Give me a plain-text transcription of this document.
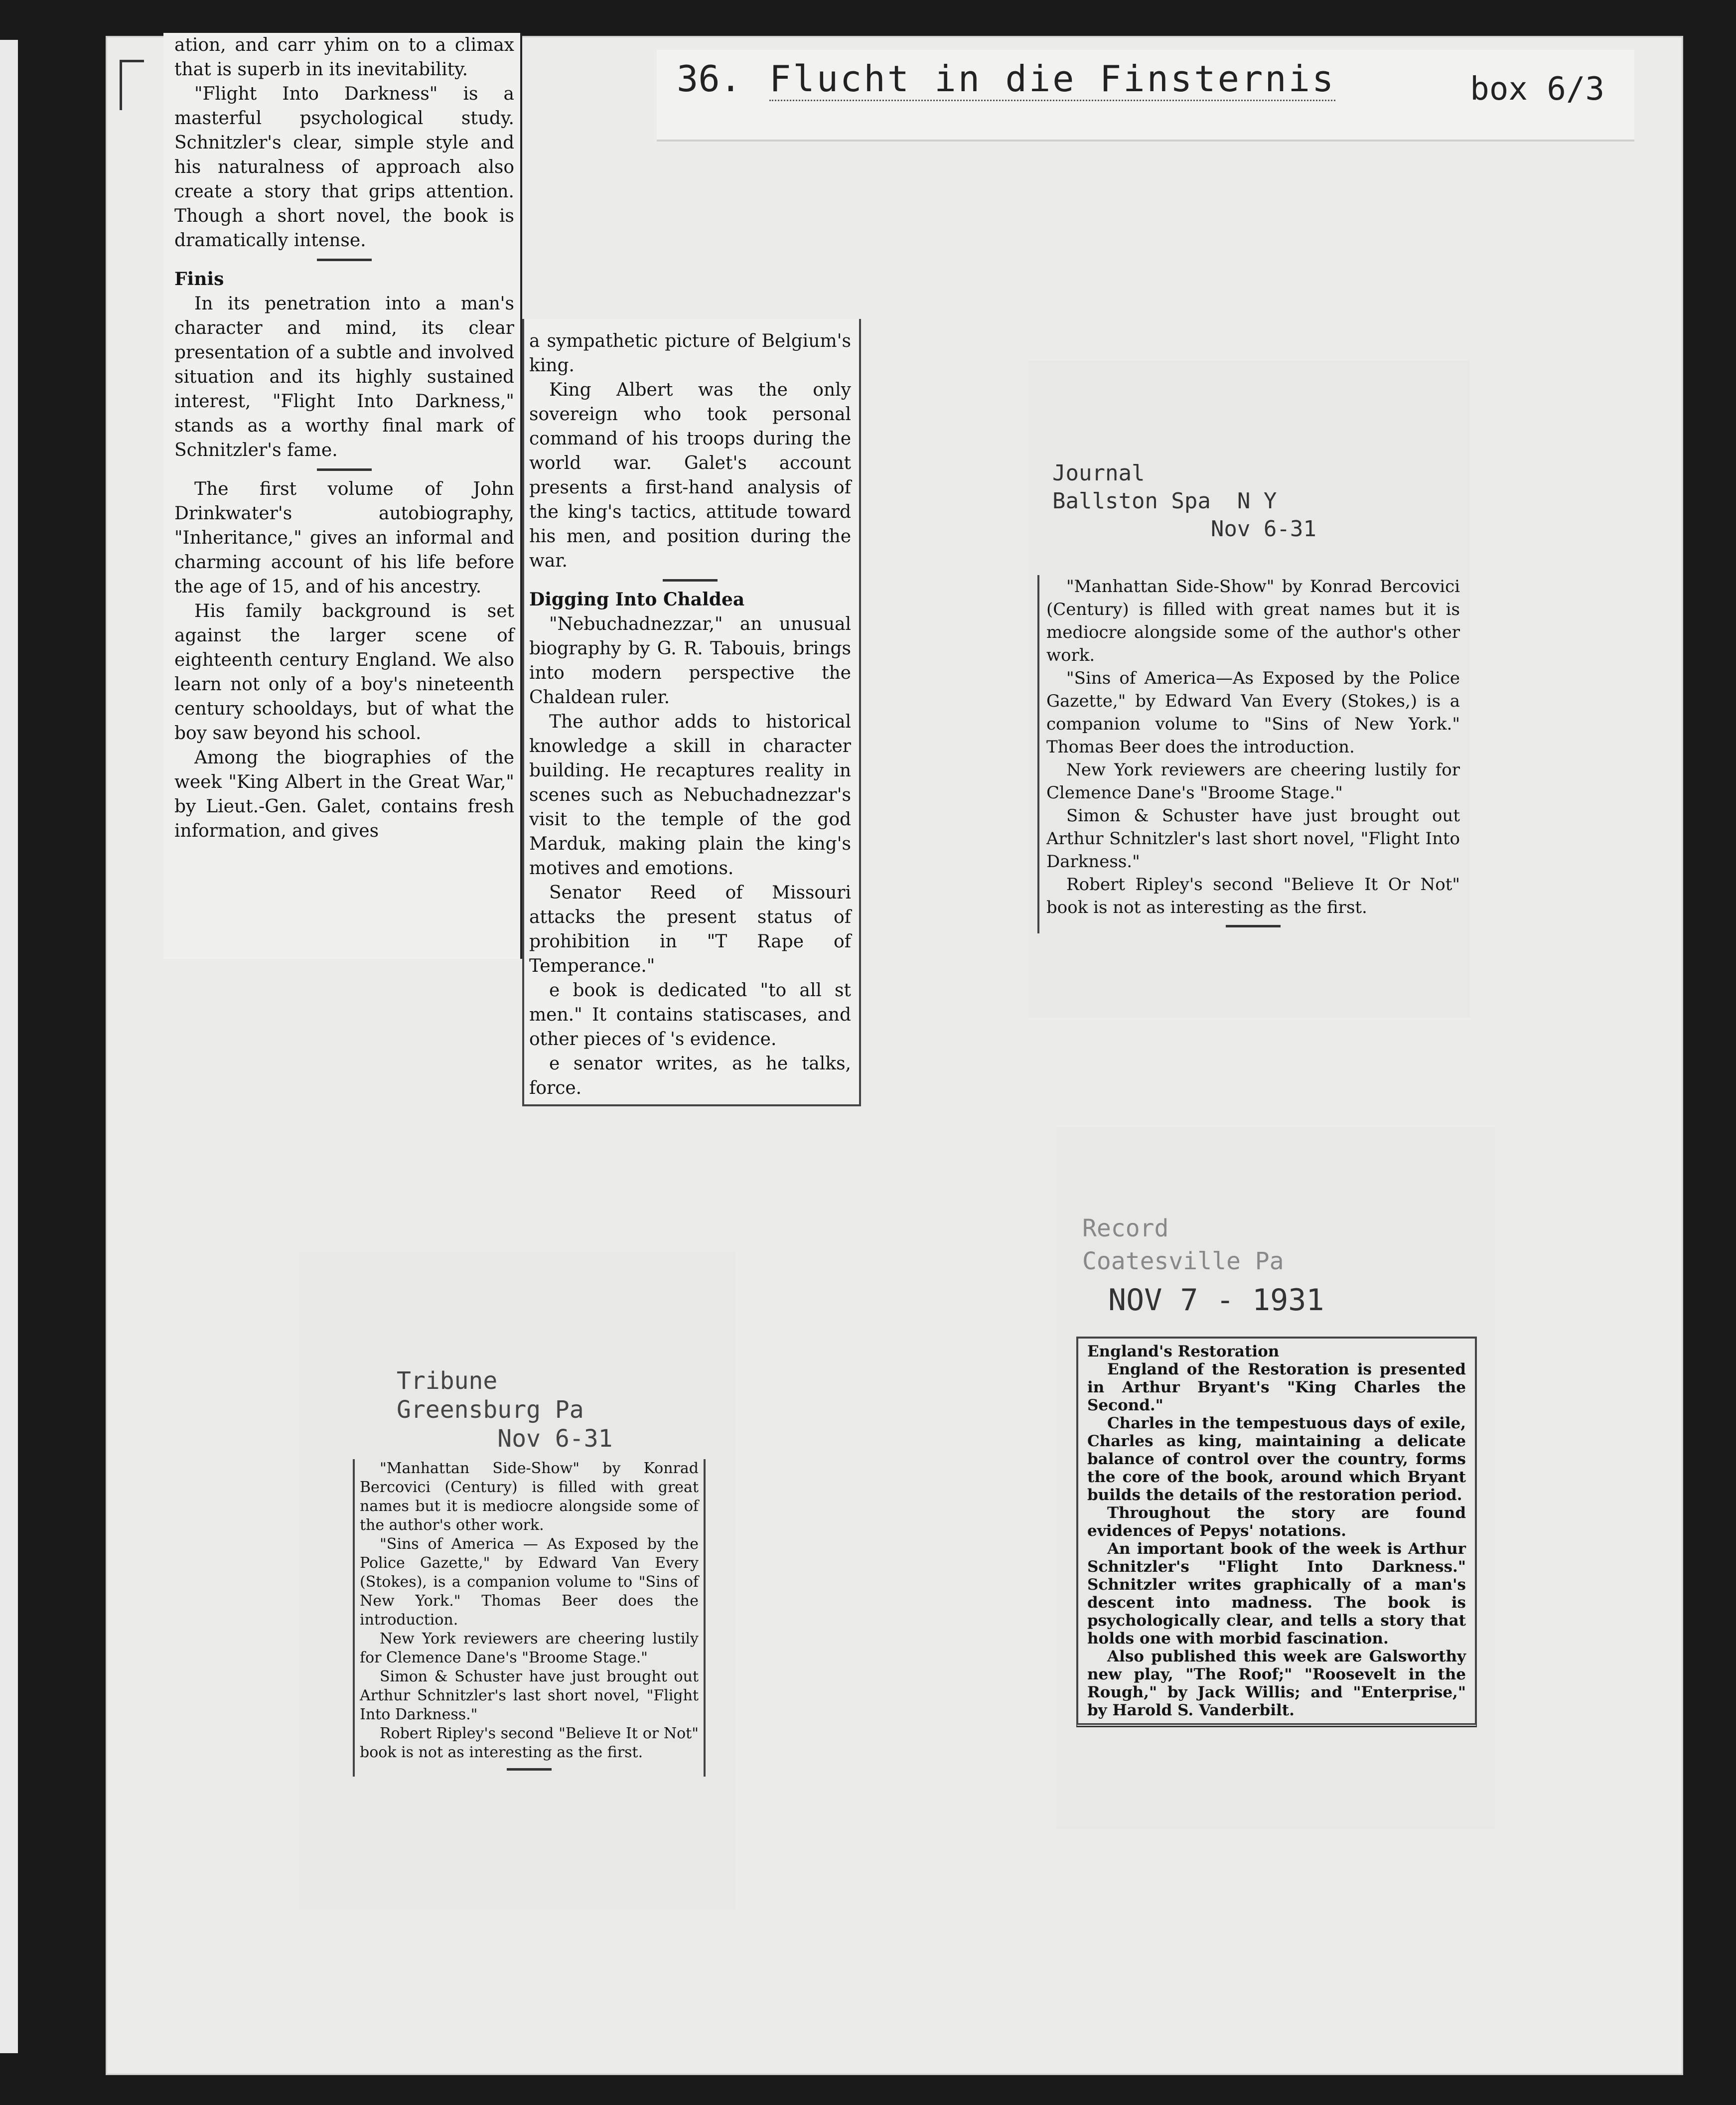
36. Flucht in die Finsternis	box 6/3

ation, and carr yhim on to a climax that is superb in its inevitability.

"Flight Into Darkness" is a masterful psychological study. Schnitzler's clear, simple style and his naturalness of approach also create a story that grips attention. Though a short novel, the book is dramatically intense.

Finis

In its penetration into a man's character and mind, its clear presentation of a subtle and involved situation and its highly sustained interest, "Flight Into Darkness," stands as a worthy final mark of Schnitzler's fame.

The first volume of John Drinkwater's autobiography, "Inheritance," gives an informal and charming account of his life before the age of 15, and of his ancestry.

His family background is set against the larger scene of eighteenth century England. We also learn not only of a boy's nineteenth century schooldays, but of what the boy saw beyond his school.

Among the biographies of the week "King Albert in the Great War," by Lieut.-Gen. Galet, contains fresh information, and gives

a sympathetic picture of Belgium's king.

King Albert was the only sovereign who took personal command of his troops during the world war. Galet's account presents a first-hand analysis of the king's tactics, attitude toward his men, and position during the war.

Digging Into Chaldea

"Nebuchadnezzar," an unusual biography by G. R. Tabouis, brings into modern perspective the Chaldean ruler.

The author adds to historical knowledge a skill in character building. He recaptures reality in scenes such as Nebuchadnezzar's visit to the temple of the god Marduk, making plain the king's motives and emotions.

Senator Reed of Missouri attacks the present status of prohibition in "T Rape of Temperance."

e book is dedicated "to all st men." It contains statiscases, and other pieces of 's evidence.

e senator writes, as he talks, force.

Journal
Ballston Spa  N Y
Nov 6-31

"Manhattan Side-Show" by Konrad Bercovici (Century) is filled with great names but it is mediocre alongside some of the author's other work.

"Sins of America—As Exposed by the Police Gazette," by Edward Van Every (Stokes,) is a companion volume to "Sins of New York." Thomas Beer does the introduction.

New York reviewers are cheering lustily for Clemence Dane's "Broome Stage."

Simon & Schuster have just brought out Arthur Schnitzler's last short novel, "Flight Into Darkness."

Robert Ripley's second "Believe It Or Not" book is not as interesting as the first.

Record
Coatesville Pa
NOV 7 - 1931
England's Restoration

England of the Restoration is presented in Arthur Bryant's "King Charles the Second."

Charles in the tempestuous days of exile, Charles as king, maintaining a delicate balance of control over the country, forms the core of the book, around which Bryant builds the details of the restoration period.

Throughout the story are found evidences of Pepys' notations.

An important book of the week is Arthur Schnitzler's "Flight Into Darkness." Schnitzler writes graphically of a man's descent into madness. The book is psychologically clear, and tells a story that holds one with morbid fascination.

Also published this week are Galsworthy new play, "The Roof;" "Roosevelt in the Rough," by Jack Willis; and "Enterprise," by Harold S. Vanderbilt.

Tribune
Greensburg Pa
Nov 6-31

"Manhattan Side-Show" by Konrad Bercovici (Century) is filled with great names but it is mediocre alongside some of the author's other work.

"Sins of America — As Exposed by the Police Gazette," by Edward Van Every (Stokes), is a companion volume to "Sins of New York." Thomas Beer does the introduction.

New York reviewers are cheering lustily for Clemence Dane's "Broome Stage."

Simon & Schuster have just brought out Arthur Schnitzler's last short novel, "Flight Into Darkness."

Robert Ripley's second "Believe It or Not" book is not as interesting as the first.
